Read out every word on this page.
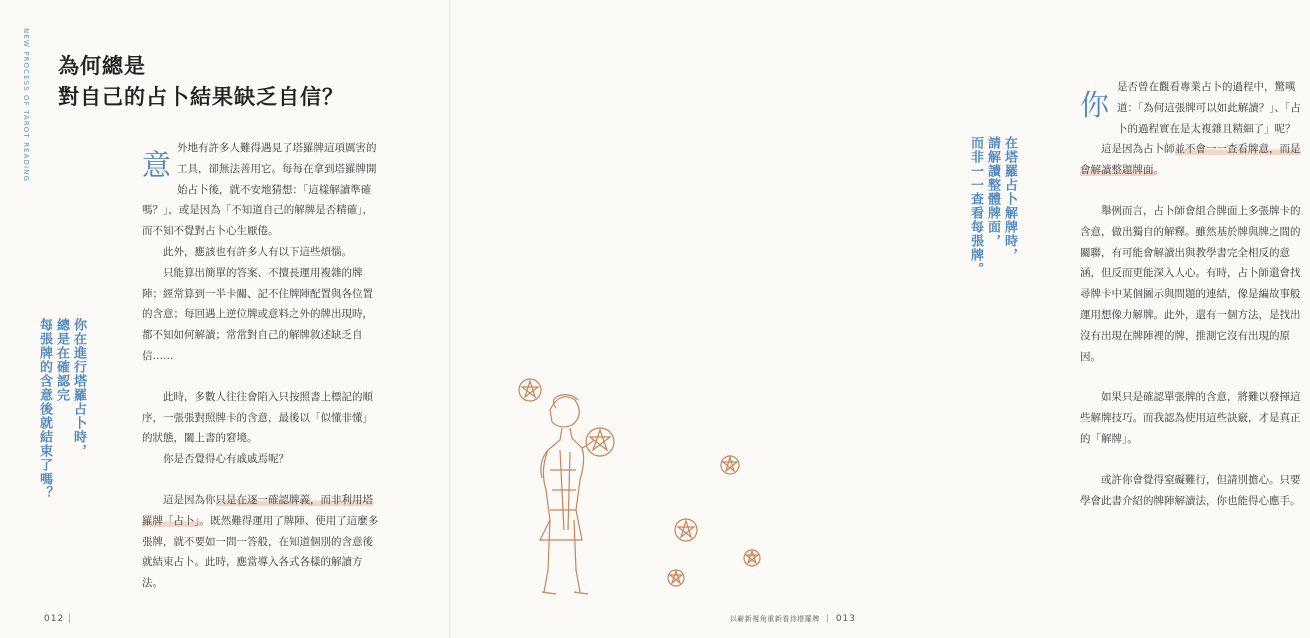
NEW PROCESS OF TAROT READING 為何總是
對自己的占卜結果缺乏自信？
意 外地有許多人難得遇見了塔羅牌這項厲害的工具，卻無法善用它。每每在拿到塔羅牌開始占卜後，就不安地猜想：「這樣解讀準確嗎？」，或是因為「不知道自己的解牌是否精確」，而不知不覺對占卜心生厭倦。

此外，應該也有許多人有以下這些煩惱。

只能算出簡單的答案、不擅長運用複雜的牌陣；經常算到一半卡關、記不住牌陣配置與各位置的含意；每回遇上逆位牌或意料之外的牌出現時，都不知如何解讀；常常對自己的解牌敘述缺乏自信……

此時，多數人往往會陷入只按照書上標記的順序，一張張對照牌卡的含意，最後以「似懂非懂」的狀態，闔上書的窘境。

你是否覺得心有戚戚焉呢？

這是因為你只是在逐一確認牌義，而非利用塔羅牌「占卜」。既然難得運用了牌陣、使用了這麼多張牌，就不要如一問一答般，在知道個別的含意後就結束占卜。此時，應當導入各式各樣的解讀方法。

你在進行塔羅占卜時，
總是在確認完
每張牌的含意後就結束了嗎？
012 |
在塔羅占卜解牌時，
請解讀整體牌面，
而非一一查看每張牌。
你

是否曾在觀看專業占卜的過程中，驚嘆道：「為何這張牌可以如此解讀？」、「占卜的過程實在是太複雜且精細了」呢？

這是因為占卜師並不會一一查看牌意，而是會解讀整題牌面。

舉例而言，占卜師會組合牌面上多張牌卡的含意，做出獨自的解釋。雖然基於牌與牌之間的關聯，有可能會解讀出與教學書完全相反的意涵，但反而更能深入人心。有時，占卜師還會找尋牌卡中某個圖示與問題的連結，像是編故事般運用想像力解牌。此外，還有一個方法，是找出沒有出現在牌陣裡的牌，推測它沒有出現的原因。

如果只是確認單張牌的含意，將難以發揮這些解牌技巧。而我認為使用這些訣竅，才是真正的「解牌」。

或許你會覺得窒礙難行，但請別擔心。只要學會此書介紹的牌陣解讀法，你也能得心應手。

以嶄新視角重新看待塔羅牌 | 013
